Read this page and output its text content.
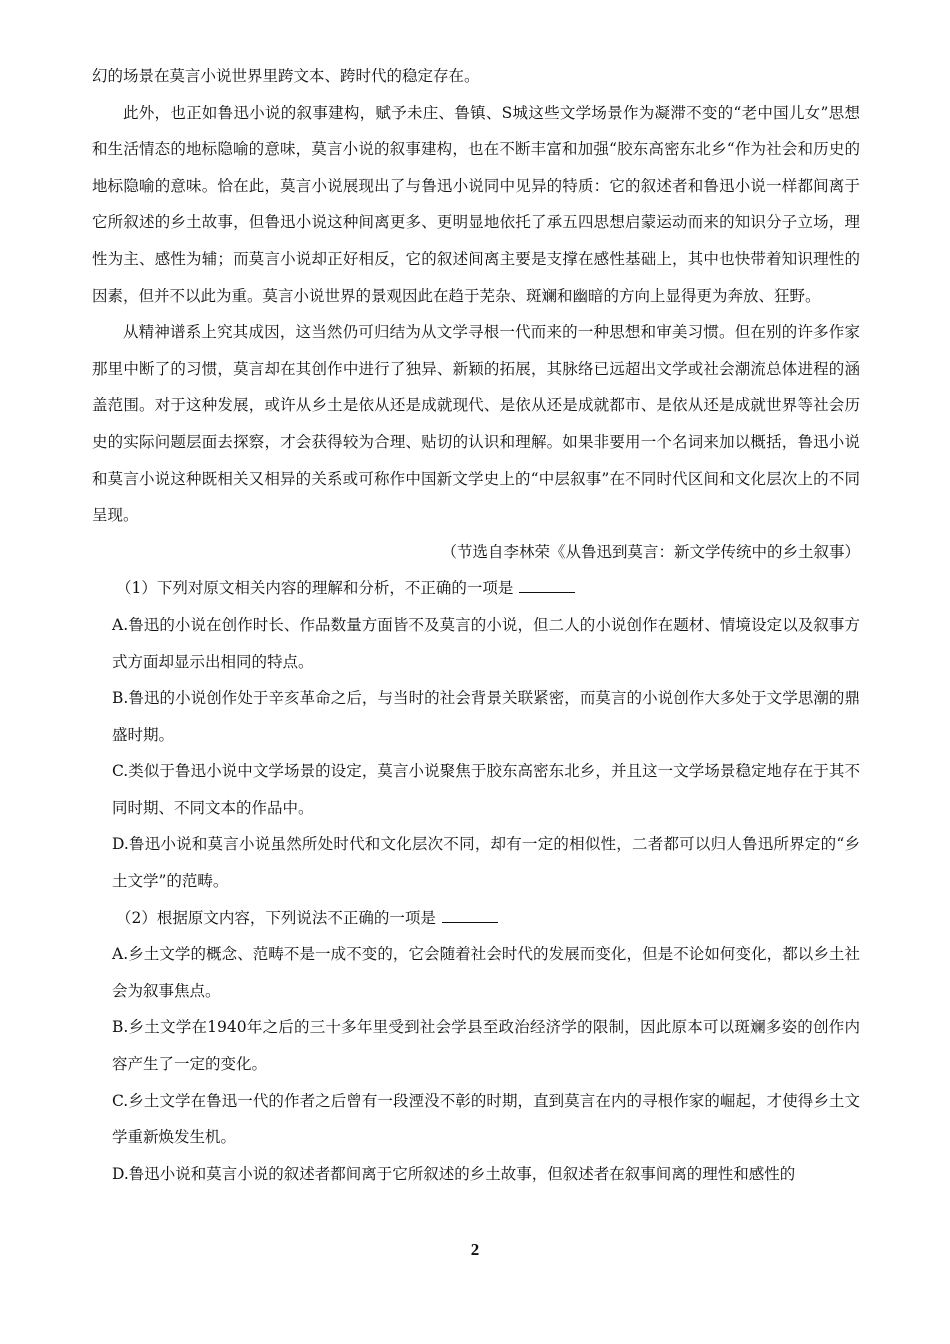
幻的场景在莫言小说世界里跨文本、跨时代的稳定存在。

此外，也正如鲁迅小说的叙事建构，赋予未庄、鲁镇、S城这些文学场景作为凝滞不变的“老中国儿女”思想和生活情态的地标隐喻的意味，莫言小说的叙事建构，也在不断丰富和加强“胶东高密东北乡“作为社会和历史的地标隐喻的意味。恰在此，莫言小说展现出了与鲁迅小说同中见异的特质：它的叙述者和鲁迅小说一样都间离于它所叙述的乡土故事，但鲁迅小说这种间离更多、更明显地依托了承五四思想启蒙运动而来的知识分子立场，理性为主、感性为辅；而莫言小说却正好相反，它的叙述间离主要是支撑在感性基础上，其中也快带着知识理性的因素，但并不以此为重。莫言小说世界的景观因此在趋于芜杂、斑斓和幽暗的方向上显得更为奔放、狂野。

从精神谱系上究其成因，这当然仍可归结为从文学寻根一代而来的一种思想和审美习惯。但在别的许多作家那里中断了的习惯，莫言却在其创作中进行了独异、新颖的拓展，其脉络已远超出文学或社会潮流总体进程的涵盖范围。对于这种发展，或许从乡土是依从还是成就现代、是依从还是成就都市、是依从还是成就世界等社会历史的实际问题层面去探察，才会获得较为合理、贴切的认识和理解。如果非要用一个名词来加以概括，鲁迅小说和莫言小说这种既相关又相异的关系或可称作中国新文学史上的“中层叙事”在不同时代区间和文化层次上的不同呈现。

（节选自李林荣《从鲁迅到莫言：新文学传统中的乡土叙事）

（1）下列对原文相关内容的理解和分析，不正确的一项是

A.鲁迅的小说在创作时长、作品数量方面皆不及莫言的小说，但二人的小说创作在题材、情境设定以及叙事方式方面却显示出相同的特点。

B.鲁迅的小说创作处于辛亥革命之后，与当时的社会背景关联紧密，而莫言的小说创作大多处于文学思潮的鼎盛时期。

C.类似于鲁迅小说中文学场景的设定，莫言小说聚焦于胶东高密东北乡，并且这一文学场景稳定地存在于其不同时期、不同文本的作品中。

D.鲁迅小说和莫言小说虽然所处时代和文化层次不同，却有一定的相似性，二者都可以归人鲁迅所界定的“乡土文学”的范畴。

（2）根据原文内容，下列说法不正确的一项是

A.乡土文学的概念、范畴不是一成不变的，它会随着社会时代的发展而变化，但是不论如何变化，都以乡土社会为叙事焦点。

B.乡土文学在1940年之后的三十多年里受到社会学县至政治经济学的限制，因此原本可以斑斓多姿的创作内容产生了一定的变化。

C.乡土文学在鲁迅一代的作者之后曾有一段湮没不彰的时期，直到莫言在内的寻根作家的崛起，才使得乡土文学重新焕发生机。

D.鲁迅小说和莫言小说的叙述者都间离于它所叙述的乡土故事，但叙述者在叙事间离的理性和感性的

2
